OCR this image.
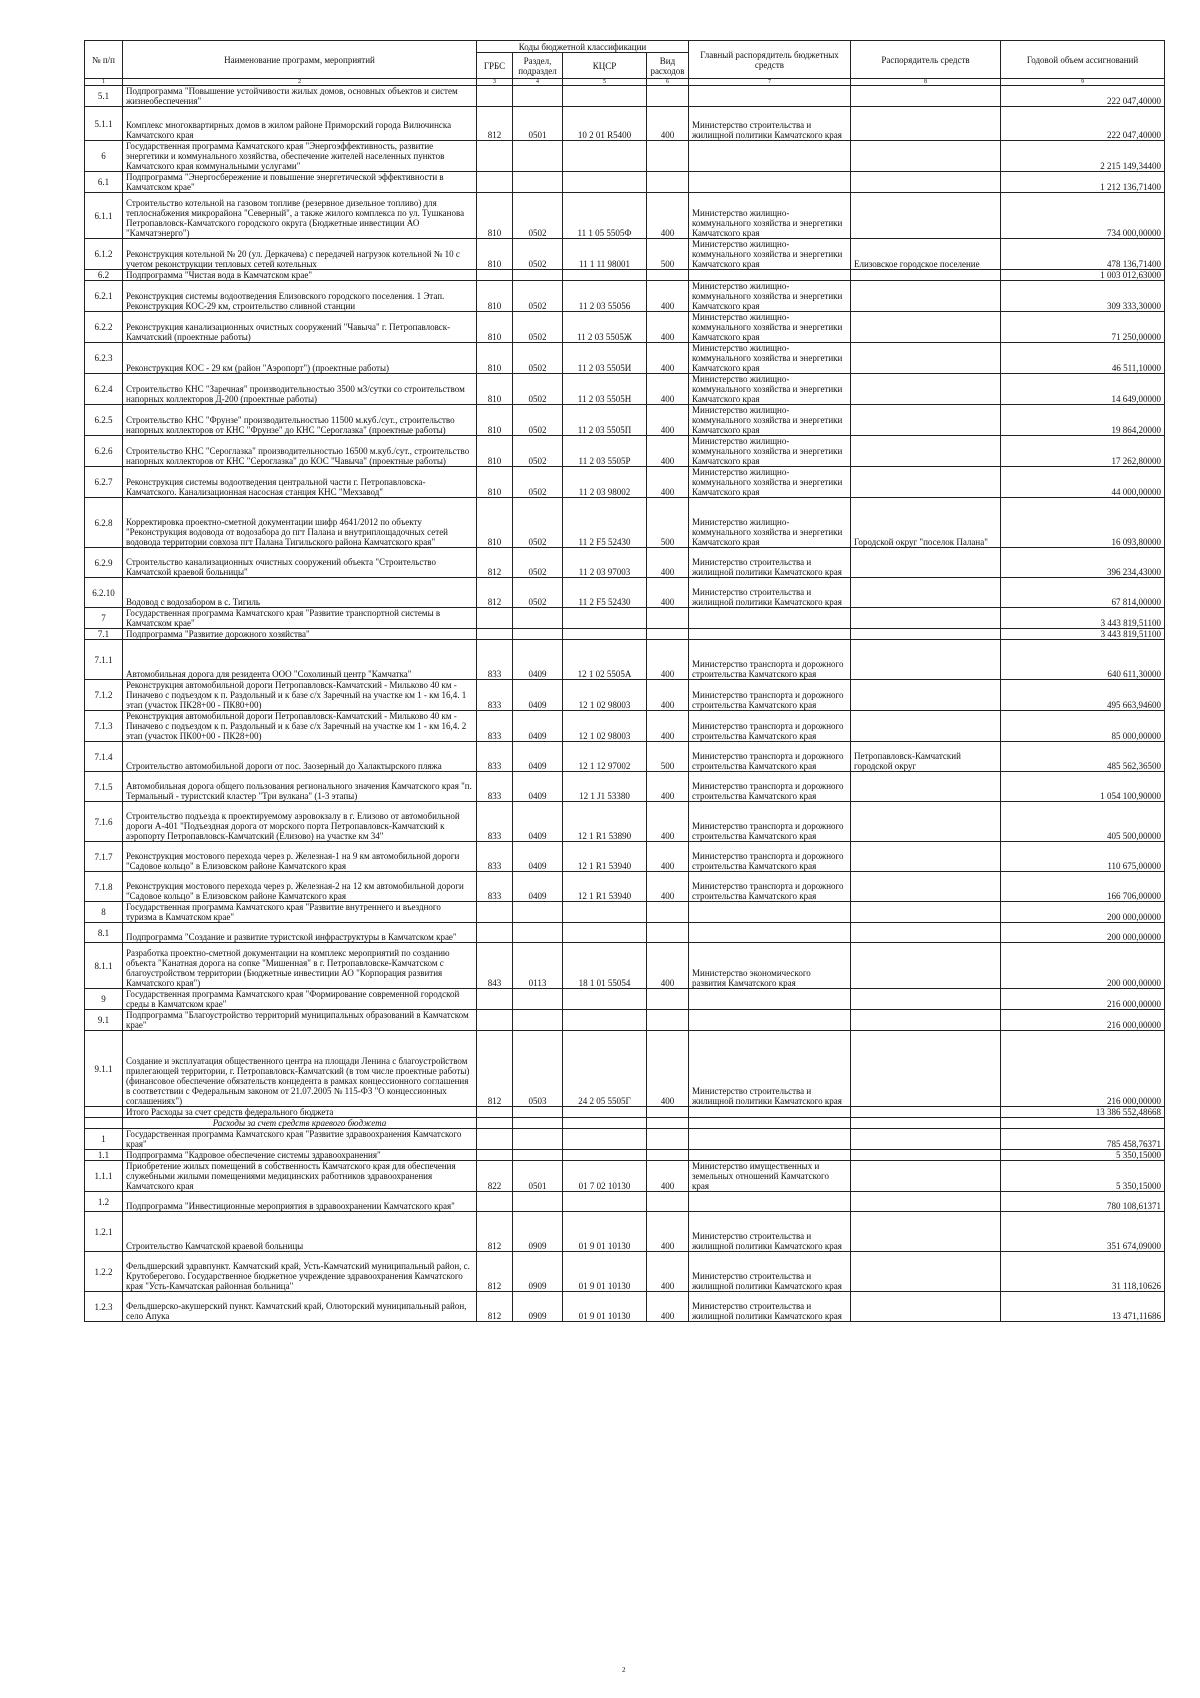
№ п/п	Наименование программ, мероприятий	Коды бюджетной классификации				Главный распорядитель бюджетных средств	Распорядитель средств	Годовой объем ассигнований
		ГРБС	Раздел, подраздел	КЦСР	Вид расходов			
1	2	3	4	5	6	7	8	9
5.1	Подпрограмма "Повышение устойчивости жилых домов, основных объектов и систем жизнеобеспечения"							222 047,40000
5.1.1	Комплекс многоквартирных домов в жилом районе Приморский города Вилючинска Камчатского края	812	0501	10 2 01 R5400	400	Министерство строительства и жилищной политики Камчатского края		222 047,40000
6	Государственная программа Камчатского края "Энергоэффективность, развитие энергетики и коммунального хозяйства, обеспечение жителей населенных пунктов Камчатского края коммунальными услугами"							2 215 149,34400
6.1	Подпрограмма "Энергосбережение и повышение энергетической эффективности в Камчатском крае"							1 212 136,71400
6.1.1	Строительство котельной на газовом топливе (резервное дизельное топливо) для теплоснабжения микрорайона "Северный", а также жилого комплекса по ул. Тушканова Петропавловск-Камчатского городского округа (Бюджетные инвестиции АО "Камчатэнерго")	810	0502	11 1 05 5505Ф	400	Министерство жилищно-коммунального хозяйства и энергетики Камчатского края		734 000,00000
6.1.2	Реконструкция котельной № 20 (ул. Деркачева) с передачей нагрузок котельной № 10 с учетом реконструкции тепловых сетей котельных	810	0502	11 1 11 98001	500	Министерство жилищно-коммунального хозяйства и энергетики Камчатского края	Елизовское городское поселение	478 136,71400
6.2	Подпрограмма "Чистая вода в Камчатском крае"							1 003 012,63000
6.2.1	Реконструкция системы водоотведения Елизовского городского поселения. 1 Этап. Реконструкция КОС-29 км, строительство сливной станции	810	0502	11 2 03 55056	400	Министерство жилищно-коммунального хозяйства и энергетики Камчатского края		309 333,30000
6.2.2	Реконструкция канализационных очистных сооружений "Чавыча" г. Петропавловск-Камчатский (проектные работы)	810	0502	11 2 03 5505Ж	400	Министерство жилищно-коммунального хозяйства и энергетики Камчатского края		71 250,00000
6.2.3	Реконструкция КОС - 29 км (район "Аэропорт") (проектные работы)	810	0502	11 2 03 5505И	400	Министерство жилищно-коммунального хозяйства и энергетики Камчатского края		46 511,10000
6.2.4	Строительство КНС "Заречная" производительностью 3500 м3/сутки со строительством напорных коллекторов Д-200 (проектные работы)	810	0502	11 2 03 5505Н	400	Министерство жилищно-коммунального хозяйства и энергетики Камчатского края		14 649,00000
6.2.5	Строительство КНС "Фрунзе" производительностью 11500 м.куб./сут., строительство напорных коллекторов от КНС "Фрунзе" до КНС "Сероглазка" (проектные работы)	810	0502	11 2 03 5505П	400	Министерство жилищно-коммунального хозяйства и энергетики Камчатского края		19 864,20000
6.2.6	Строительство КНС "Сероглазка" производительностью 16500 м.куб./сут., строительство напорных коллекторов от КНС "Сероглазка" до КОС "Чавыча" (проектные работы)	810	0502	11 2 03 5505Р	400	Министерство жилищно-коммунального хозяйства и энергетики Камчатского края		17 262,80000
6.2.7	Реконструкция системы водоотведения центральной части г. Петропавловска-Камчатского. Канализационная насосная станция КНС "Мехзавод"	810	0502	11 2 03 98002	400	Министерство жилищно-коммунального хозяйства и энергетики Камчатского края		44 000,00000
6.2.8	Корректировка проектно-сметной документации шифр 4641/2012 по объекту "Реконструкция водовода от водозабора до пгт Палана и внутриплощадочных сетей водовода территории совхоза пгт Палана Тигильского района Камчатского края"	810	0502	11 2 F5 52430	500	Министерство жилищно-коммунального хозяйства и энергетики Камчатского края	Городской округ "поселок Палана"	16 093,80000
6.2.9	Строительство канализационных очистных сооружений объекта "Строительство Камчатской краевой больницы"	812	0502	11 2 03 97003	400	Министерство строительства и жилищной политики Камчатского края		396 234,43000
6.2.10	Водовод с водозабором в с. Тигиль	812	0502	11 2 F5 52430	400	Министерство строительства и жилищной политики Камчатского края		67 814,00000
7	Государственная программа Камчатского края "Развитие транспортной системы в Камчатском крае"							3 443 819,51100
7.1	Подпрограмма "Развитие дорожного хозяйства"							3 443 819,51100
7.1.1	Автомобильная дорога для резидента ООО "Сохолиный центр "Камчатка"	833	0409	12 1 02 5505А	400	Министерство транспорта и дорожного строительства Камчатского края		640 611,30000
7.1.2	Реконструкция автомобильной дороги Петропавловск-Камчатский - Мильково 40 км - Пиначево с подъездом к п. Раздольный и к базе с/х Заречный на участке км 1 - км 16,4. 1 этап (участок ПК28+00 - ПК80+00)	833	0409	12 1 02 98003	400	Министерство транспорта и дорожного строительства Камчатского края		495 663,94600
7.1.3	Реконструкция автомобильной дороги Петропавловск-Камчатский - Мильково 40 км - Пиначево с подъездом к п. Раздольный и к базе с/х Заречный на участке км 1 - км 16,4. 2 этап (участок ПК00+00 - ПК28+00)	833	0409	12 1 02 98003	400	Министерство транспорта и дорожного строительства Камчатского края		85 000,00000
7.1.4	Строительство автомобильной дороги от пос. Заозерный до Халактырского пляжа	833	0409	12 1 12 97002	500	Министерство транспорта и дорожного строительства Камчатского края	Петропавловск-Камчатский городской округ	485 562,36500
7.1.5	Автомобильная дорога общего пользования регионального значения Камчатского края "п. Термальный - туристский кластер "Три вулкана" (1-3 этапы)	833	0409	12 1 J1 53380	400	Министерство транспорта и дорожного строительства Камчатского края		1 054 100,90000
7.1.6	Строительство подъезда к проектируемому аэровокзалу в г. Елизово от автомобильной дороги А-401 "Подъездная дорога от морского порта Петропавловск-Камчатский к аэропорту Петропавловск-Камчатский (Елизово) на участке км 34"	833	0409	12 1 R1 53890	400	Министерство транспорта и дорожного строительства Камчатского края		405 500,00000
7.1.7	Реконструкция мостового перехода через р. Железная-1 на 9 км автомобильной дороги "Садовое кольцо" в Елизовском районе Камчатского края	833	0409	12 1 R1 53940	400	Министерство транспорта и дорожного строительства Камчатского края		110 675,00000
7.1.8	Реконструкция мостового перехода через р. Железная-2 на 12 км автомобильной дороги "Садовое кольцо" в Елизовском районе Камчатского края	833	0409	12 1 R1 53940	400	Министерство транспорта и дорожного строительства Камчатского края		166 706,00000
8	Государственная программа Камчатского края "Развитие внутреннего и въездного туризма в Камчатском крае"							200 000,00000
8.1	Подпрограмма "Создание и развитие туристской инфраструктуры в Камчатском крае"							200 000,00000
8.1.1	Разработка проектно-сметной документации на комплекс мероприятий по созданию объекта "Канатная дорога на сопке "Мишенная" в г. Петропавловске-Камчатском с благоустройством территории (Бюджетные инвестиции АО "Корпорация развития Камчатского края")	843	0113	18 1 01 55054	400	Министерство экономического развития Камчатского края		200 000,00000
9	Государственная программа Камчатского края "Формирование современной городской среды в Камчатском крае"							216 000,00000
9.1	Подпрограмма "Благоустройство территорий муниципальных образований в Камчатском крае"							216 000,00000
9.1.1	Создание и эксплуатация общественного центра на площади Ленина с благоустройством прилегающей территории, г. Петропавловск-Камчатский (в том числе проектные работы) (финансовое обеспечение обязательств концедента в рамках концессионного соглашения в соответствии с Федеральным законом от 21.07.2005 № 115-ФЗ "О концессионных соглашениях")	812	0503	24 2 05 5505Г	400	Министерство строительства и жилищной политики Камчатского края		216 000,00000
	Итого Расходы за счет средств федерального бюджета							13 386 552,48668
	Расходы за счет средств краевого бюджета							
1	Государственная программа Камчатского края "Развитие здравоохранения Камчатского края"							785 458,76371
1.1	Подпрограмма "Кадровое обеспечение системы здравоохранения"							5 350,15000
1.1.1	Приобретение жилых помещений в собственность Камчатского края для обеспечения служебными жилыми помещениями медицинских работников здравоохранения Камчатского края	822	0501	01 7 02 10130	400	Министерство имущественных и земельных отношений Камчатского края		5 350,15000
1.2	Подпрограмма "Инвестиционные мероприятия в здравоохранении Камчатского края"							780 108,61371
1.2.1	Строительство Камчатской краевой больницы	812	0909	01 9 01 10130	400	Министерство строительства и жилищной политики Камчатского края		351 674,09000
1.2.2	Фельдшерский здравпункт. Камчатский край, Усть-Камчатский муниципальный район, с. Крутоберегово. Государственное бюджетное учреждение здравоохранения Камчатского края "Усть-Камчатская районная больница"	812	0909	01 9 01 10130	400	Министерство строительства и жилищной политики Камчатского края		31 118,10626
1.2.3	Фельдшерско-акушерский пункт. Камчатский край, Олюторский муниципальный район, село Апука	812	0909	01 9 01 10130	400	Министерство строительства и жилищной политики Камчатского края		13 471,11686
2
